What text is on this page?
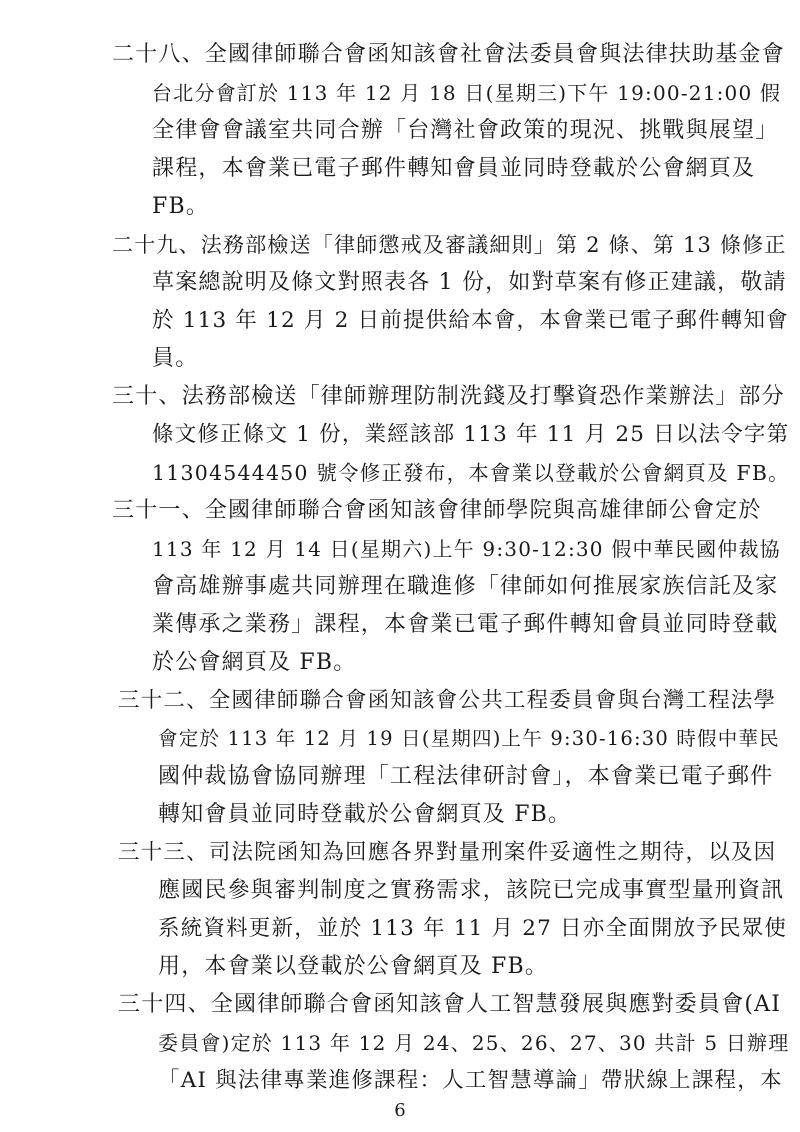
二十八、全國律師聯合會函知該會社會法委員會與法律扶助基金會
台北分會訂於 113 年 12 月 18 日(星期三)下午 19:00-21:00 假
全律會會議室共同合辦「台灣社會政策的現況、挑戰與展望」
課程，本會業已電子郵件轉知會員並同時登載於公會網頁及
FB。
二十九、法務部檢送「律師懲戒及審議細則」第 2 條、第 13 條修正
草案總說明及條文對照表各 1 份，如對草案有修正建議，敬請
於 113 年 12 月 2 日前提供給本會，本會業已電子郵件轉知會
員。
三十、法務部檢送「律師辦理防制洗錢及打擊資恐作業辦法」部分
條文修正條文 1 份，業經該部 113 年 11 月 25 日以法令字第
11304544450 號令修正發布，本會業以登載於公會網頁及 FB。
三十一、全國律師聯合會函知該會律師學院與高雄律師公會定於
113 年 12 月 14 日(星期六)上午 9:30-12:30 假中華民國仲裁協
會高雄辦事處共同辦理在職進修「律師如何推展家族信託及家
業傳承之業務」課程，本會業已電子郵件轉知會員並同時登載
於公會網頁及 FB。
三十二、全國律師聯合會函知該會公共工程委員會與台灣工程法學
會定於 113 年 12 月 19 日(星期四)上午 9:30-16:30 時假中華民
國仲裁協會協同辦理「工程法律研討會」，本會業已電子郵件
轉知會員並同時登載於公會網頁及 FB。
三十三、司法院函知為回應各界對量刑案件妥適性之期待，以及因
應國民參與審判制度之實務需求，該院已完成事實型量刑資訊
系統資料更新，並於 113 年 11 月 27 日亦全面開放予民眾使
用，本會業以登載於公會網頁及 FB。
三十四、全國律師聯合會函知該會人工智慧發展與應對委員會(AI
委員會)定於 113 年 12 月 24、25、26、27、30 共計 5 日辦理
「AI 與法律專業進修課程：人工智慧導論」帶狀線上課程，本
6
